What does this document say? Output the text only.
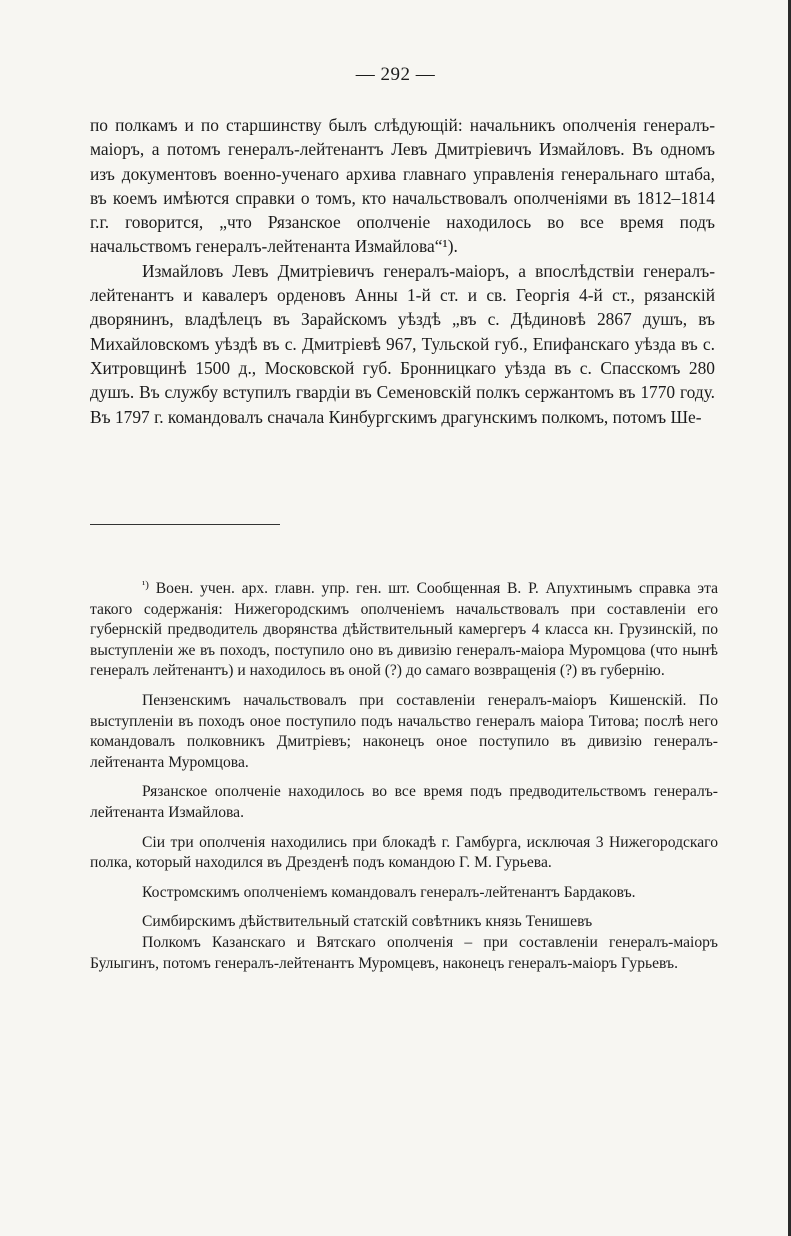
— 292 —

по полкамъ и по старшинству былъ слѣдующій: начальникъ ополченія генералъ-маіоръ, а потомъ генералъ-лейтенантъ Левъ Дмитріевичъ Измайловъ. Въ одномъ изъ документовъ военно-ученаго архива главнаго управленія генеральнаго штаба, въ коемъ имѣются справки о томъ, кто начальствовалъ ополченіями въ 1812–1814 г.г. говорится, „что Рязанское ополченіе находилось во все время подъ начальствомъ генералъ-лейтенанта Измайлова“¹).

Измайловъ Левъ Дмитріевичъ генералъ-маіоръ, а впослѣдствіи генералъ-лейтенантъ и кавалеръ орденовъ Анны 1-й ст. и св. Георгія 4-й ст., рязанскій дворянинъ, владѣлецъ въ Зарайскомъ уѣздѣ „въ с. Дѣдиновѣ 2867 душъ, въ Михайловскомъ уѣздѣ въ с. Дмитріевѣ 967, Тульской губ., Епифанскаго уѣзда въ с. Хитровщинѣ 1500 д., Московской губ. Бронницкаго уѣзда въ с. Спасскомъ 280 душъ. Въ службу вступилъ гвардіи въ Семеновскій полкъ сержантомъ въ 1770 году. Въ 1797 г. командовалъ сначала Кинбургскимъ драгунскимъ полкомъ, потомъ Ше-

$^{^1)}$ Воен. учен. арх. главн. упр. ген. шт. Сообщенная В. Р. Апухтинымъ справка эта такого содержанія: Нижегородскимъ ополченіемъ начальствовалъ при составленіи его губернскій предводитель дворянства дѣйствительный камергеръ 4 класса кн. Грузинскій, по выступленіи же въ походъ, поступило оно въ дивизію генералъ-маіора Муромцова (что нынѣ генералъ лейтенантъ) и находилось въ оной (?) до самаго возвращенія (?) въ губернію.

Пензенскимъ начальствовалъ при составленіи генералъ-маіоръ Кишенскій. По выступленіи въ походъ оное поступило подъ начальство генералъ маіора Титова; послѣ него командовалъ полковникъ Дмитріевъ; наконецъ оное поступило въ дивизію генералъ-лейтенанта Муромцова.

Рязанское ополченіе находилось во все время подъ предводительствомъ генералъ-лейтенанта Измайлова.

Сіи три ополченія находились при блокадѣ г. Гамбурга, исключая 3 Нижегородскаго полка, который находился въ Дрезденѣ подъ командою Г. М. Гурьева.

Костромскимъ ополченіемъ командовалъ генералъ-лейтенантъ Бардаковъ.

Симбирскимъ дѣйствительный статскій совѣтникъ князь Тенишевъ

Полкомъ Казанскаго и Вятскаго ополченія – при составленіи генералъ-маіоръ Булыгинъ, потомъ генералъ-лейтенантъ Муромцевъ, наконецъ генералъ-маіоръ Гурьевъ.
